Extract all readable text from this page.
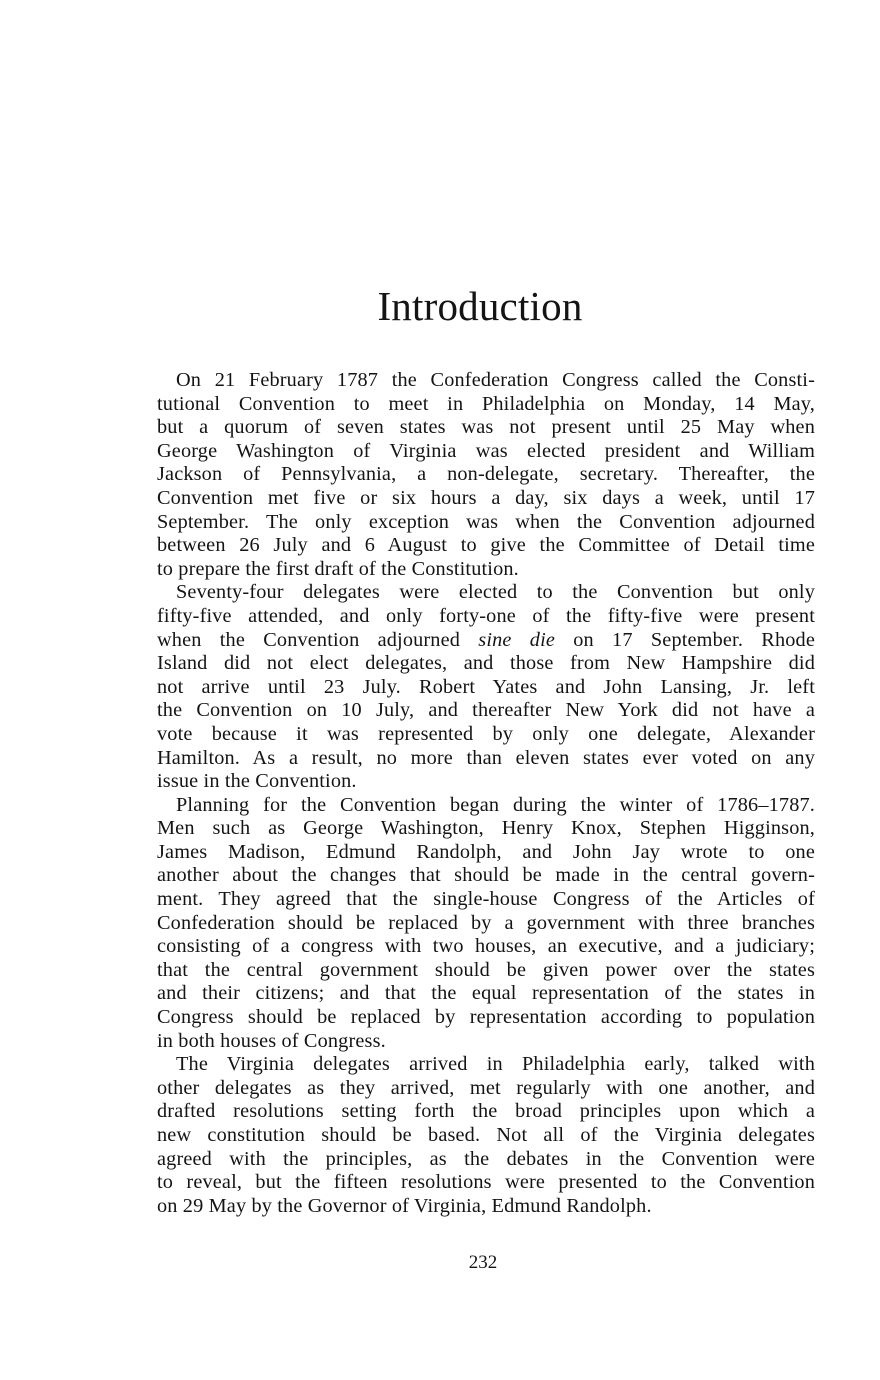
Introduction
On 21 February 1787 the Confederation Congress called the Consti-
tutional Convention to meet in Philadelphia on Monday, 14 May,
but a quorum of seven states was not present until 25 May when
George Washington of Virginia was elected president and William
Jackson of Pennsylvania, a non-delegate, secretary. Thereafter, the
Convention met five or six hours a day, six days a week, until 17
September. The only exception was when the Convention adjourned
between 26 July and 6 August to give the Committee of Detail time
to prepare the first draft of the Constitution.
Seventy-four delegates were elected to the Convention but only
fifty-five attended, and only forty-one of the fifty-five were present
when the Convention adjourned sine die on 17 September. Rhode
Island did not elect delegates, and those from New Hampshire did
not arrive until 23 July. Robert Yates and John Lansing, Jr. left
the Convention on 10 July, and thereafter New York did not have a
vote because it was represented by only one delegate, Alexander
Hamilton. As a result, no more than eleven states ever voted on any
issue in the Convention.
Planning for the Convention began during the winter of 1786–1787.
Men such as George Washington, Henry Knox, Stephen Higginson,
James Madison, Edmund Randolph, and John Jay wrote to one
another about the changes that should be made in the central govern-
ment. They agreed that the single-house Congress of the Articles of
Confederation should be replaced by a government with three branches
consisting of a congress with two houses, an executive, and a judiciary;
that the central government should be given power over the states
and their citizens; and that the equal representation of the states in
Congress should be replaced by representation according to population
in both houses of Congress.
The Virginia delegates arrived in Philadelphia early, talked with
other delegates as they arrived, met regularly with one another, and
drafted resolutions setting forth the broad principles upon which a
new constitution should be based. Not all of the Virginia delegates
agreed with the principles, as the debates in the Convention were
to reveal, but the fifteen resolutions were presented to the Convention
on 29 May by the Governor of Virginia, Edmund Randolph.
232
